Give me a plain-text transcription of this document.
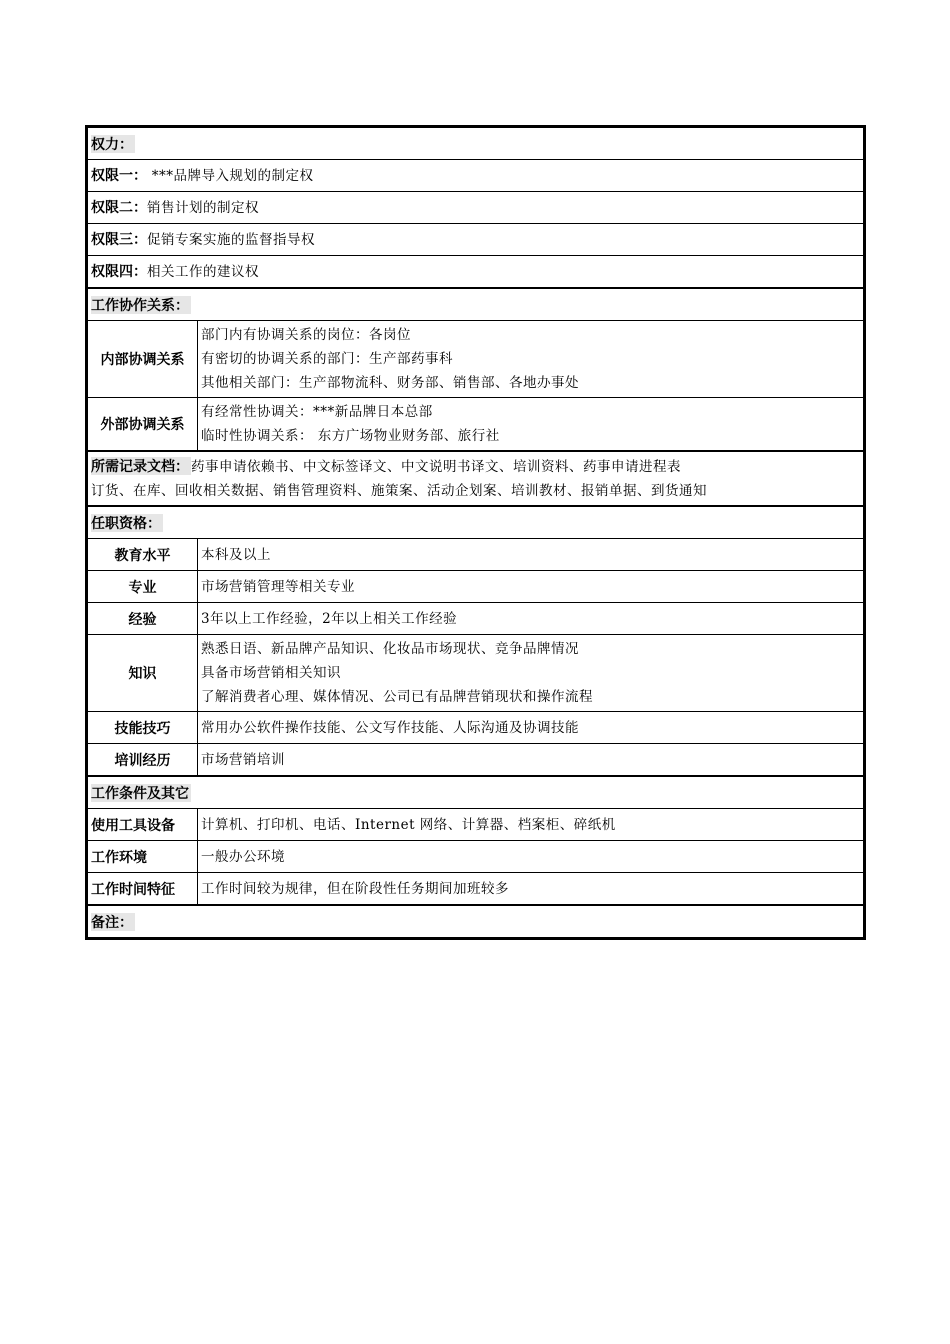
权力：	
权限一： ***品牌导入规划的制定权	
权限二：销售计划的制定权	
权限三：促销专案实施的监督指导权	
权限四：相关工作的建议权	
工作协作关系：	
内部协调关系	部门内有协调关系的岗位：各岗位
有密切的协调关系的部门：生产部药事科
其他相关部门：生产部物流科、财务部、销售部、各地办事处

外部协调关系	有经常性协调关：***新品牌日本总部
临时性协调关系： 东方广场物业财务部、旅行社

所需记录文档： 药事申请依赖书、中文标签译文、中文说明书译文、培训资料、药事申请进程表
订货、在库、回收相关数据、销售管理资料、施策案、活动企划案、培训教材、报销单据、到货通知	

任职资格：	
教育水平	本科及以上
专业	市场营销管理等相关专业
经验	3年以上工作经验，2年以上相关工作经验
知识	熟悉日语、新品牌产品知识、化妆品市场现状、竞争品牌情况
具备市场营销相关知识
了解消费者心理、媒体情况、公司已有品牌营销现状和操作流程

技能技巧	常用办公软件操作技能、公文写作技能、人际沟通及协调技能
培训经历	市场营销培训
工作条件及其它	
使用工具设备	计算机、打印机、电话、Internet 网络、计算器、档案柜、碎纸机
工作环境	一般办公环境
工作时间特征	工作时间较为规律，但在阶段性任务期间加班较多
备注：	
